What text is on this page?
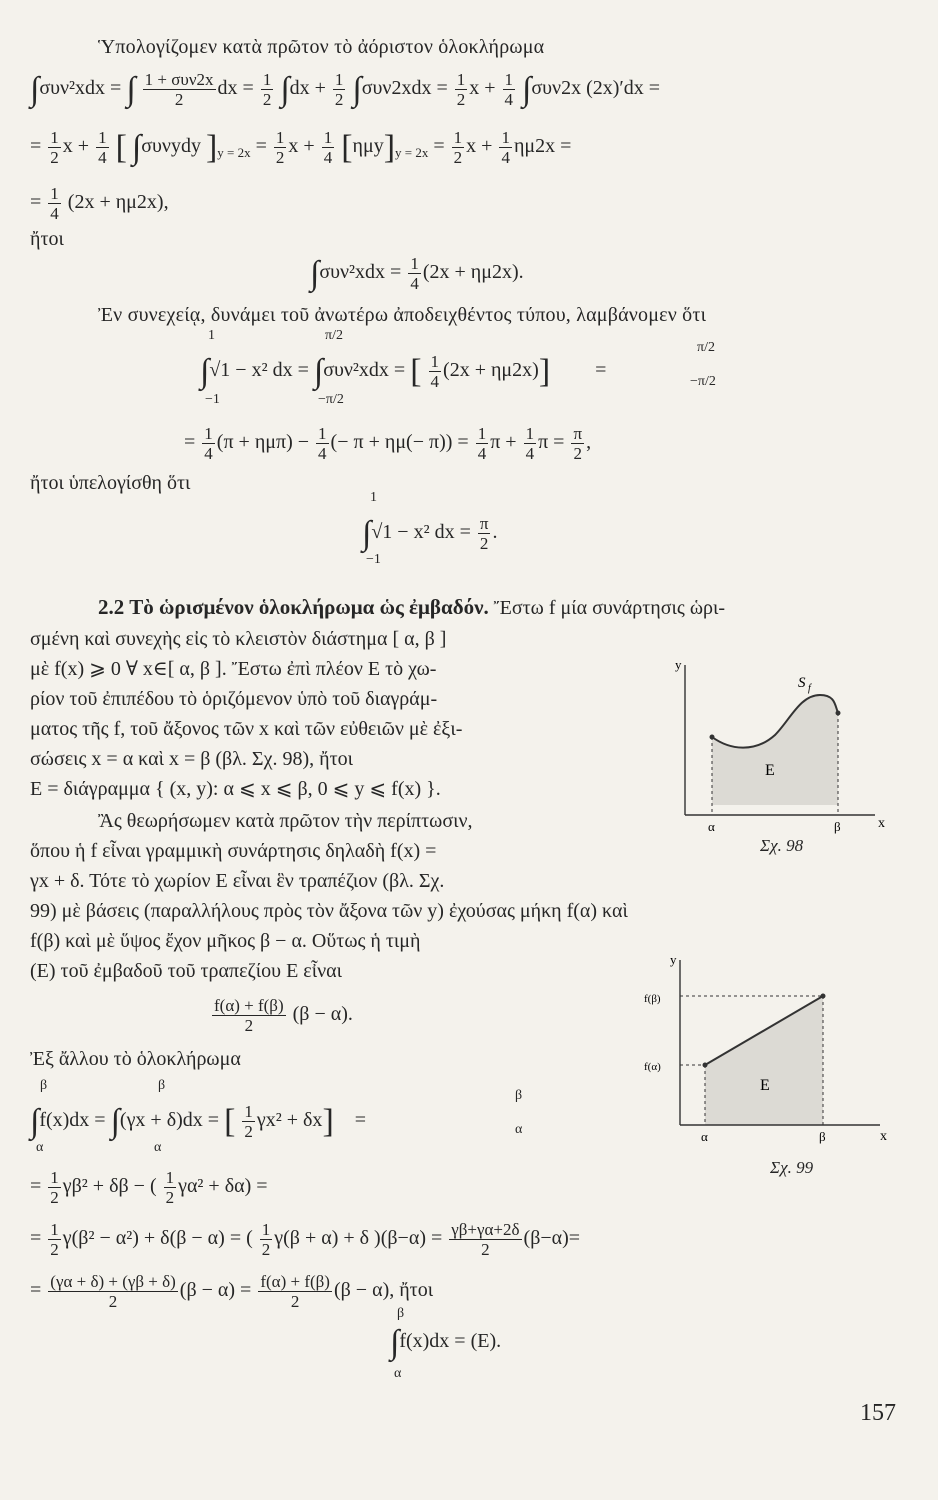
Ὑπολογίζομεν κατὰ πρῶτον τὸ ἀόριστον ὁλοκλήρωμα
∫συν²xdx = ∫ $\frac{\text{1 + συν2x}}{2}$ dx = $\frac{1}{2} \int dx + \frac{1}{2} \int\sigma\upsilon\nu 2xdx = \frac{1}{2}$ $x + \frac{1}{4} \int\sigma\upsilon\nu 2x$ (2x)′dx =
= $\frac{1}{2}$ $x + \frac{1}{4}$ [ ∫συνydy ]$_{y = 2x} = \frac{1}{2}$ $x + \frac{1}{4} [\eta\mu y]_{y = 2x} = \frac{1}{2}$ $x + \frac{1}{4} \eta\mu 2x$ =
= $\frac{1}{4} (2x + \eta\mu 2x)$,
ἤτοι
$\int\sigma\upsilon\nu^2xdx = \frac{1}{4} (2x + \eta\mu 2x)$.
Ἐν συνεχείᾳ, δυνάμει τοῦ ἀνωτέρω ἀποδειχθέντος τύπου, λαμβάνομεν ὅτι
1	π/2
π/2
∫√1 − x² dx = ∫συν²xdx = [ $\frac{1}{4} (2x + \eta\mu 2x)$] =
−1	−π/2
−π/2
= $\frac{1}{4} (\pi + \eta\mu\pi) - \frac{1}{4}$ (− $\pi + \eta\mu(- \pi)) = \frac{1}{4}$ $\pi + \frac{1}{4}$ $\pi = \frac{\pi}{2}$ ,
ἤτοι ὑπελογίσθη ὅτι
1
∫√1 − x² dx = $\frac{\pi}{2}$ .
−1
2.2 Τὸ ὡρισμένον ὁλοκλήρωμα ὡς ἐμβαδόν. Ἔστω f μία συνάρτησις ὡρι-
σμένη καὶ συνεχὴς εἰς τὸ κλειστὸν διάστημα [ α, β ]
μὲ f(x) ⩾ 0 ∀ x∈[ α, β ]. Ἔστω ἐπὶ πλέον E τὸ χω-
ρίον τοῦ ἐπιπέδου τὸ ὁριζόμενον ὑπὸ τοῦ διαγράμ-
ματος τῆς f, τοῦ ἄξονος τῶν x καὶ τῶν εὐθειῶν μὲ ἐξι-
σώσεις x = α καὶ x = β (βλ. Σχ. 98), ἤτοι
E = διάγραμμα { (x, y): α ⩽ x ⩽ β, 0 ⩽ y ⩽ f(x) }.
Ἂς θεωρήσωμεν κατὰ πρῶτον τὴν περίπτωσιν,
ὅπου ἡ f εἶναι γραμμικὴ συνάρτησις δηλαδὴ f(x) =
γx + δ. Τότε τὸ χωρίον E εἶναι ἓν τραπέζιον (βλ. Σχ.
99) μὲ βάσεις (παραλλήλους πρὸς τὸν ἄξονα τῶν y) ἐχούσας μήκη f(α) καὶ
f(β) καὶ μὲ ὕψος ἔχον μῆκος β − α. Οὕτως ἡ τιμὴ
(E) τοῦ ἐμβαδοῦ τοῦ τραπεζίου E εἶναι
$\frac{f(\alpha) + f(\beta)}{2} (\beta - \alpha)$.
Ἐξ ἄλλου τὸ ὁλοκλήρωμα
β	β
β
∫f(x)dx = ∫(γx + δ)dx = [ $\frac{1}{2} \gamma x^2 + \delta x$] =
α	α
α
= $\frac{1}{2} \gamma\beta^2 + \delta\beta$ − ( $\frac{1}{2} \gamma\alpha^2 + \delta\alpha$) =
= $\frac{1}{2} \gamma(\beta^2 - \alpha^2) + \delta(\beta - \alpha)$ = ( $\frac{1}{2} \gamma(\beta + \alpha) + \delta$ )$(\beta-\alpha) = \frac{\gamma\beta+\gamma\alpha+2\delta}{2} (\beta-\alpha)=$
= $\frac{(\gamma\alpha + \delta) + (\gamma\beta + \delta)}{2} (\beta - \alpha) = \frac{f(\alpha) + f(\beta)}{2} (\beta - \alpha)$, ἤτοι
β
∫f(x)dx = (E).
α
157
y
x
α	β
E
S f
Σχ. 98
y
x
α	β
E
f(β)
f(α)
Σχ. 99
